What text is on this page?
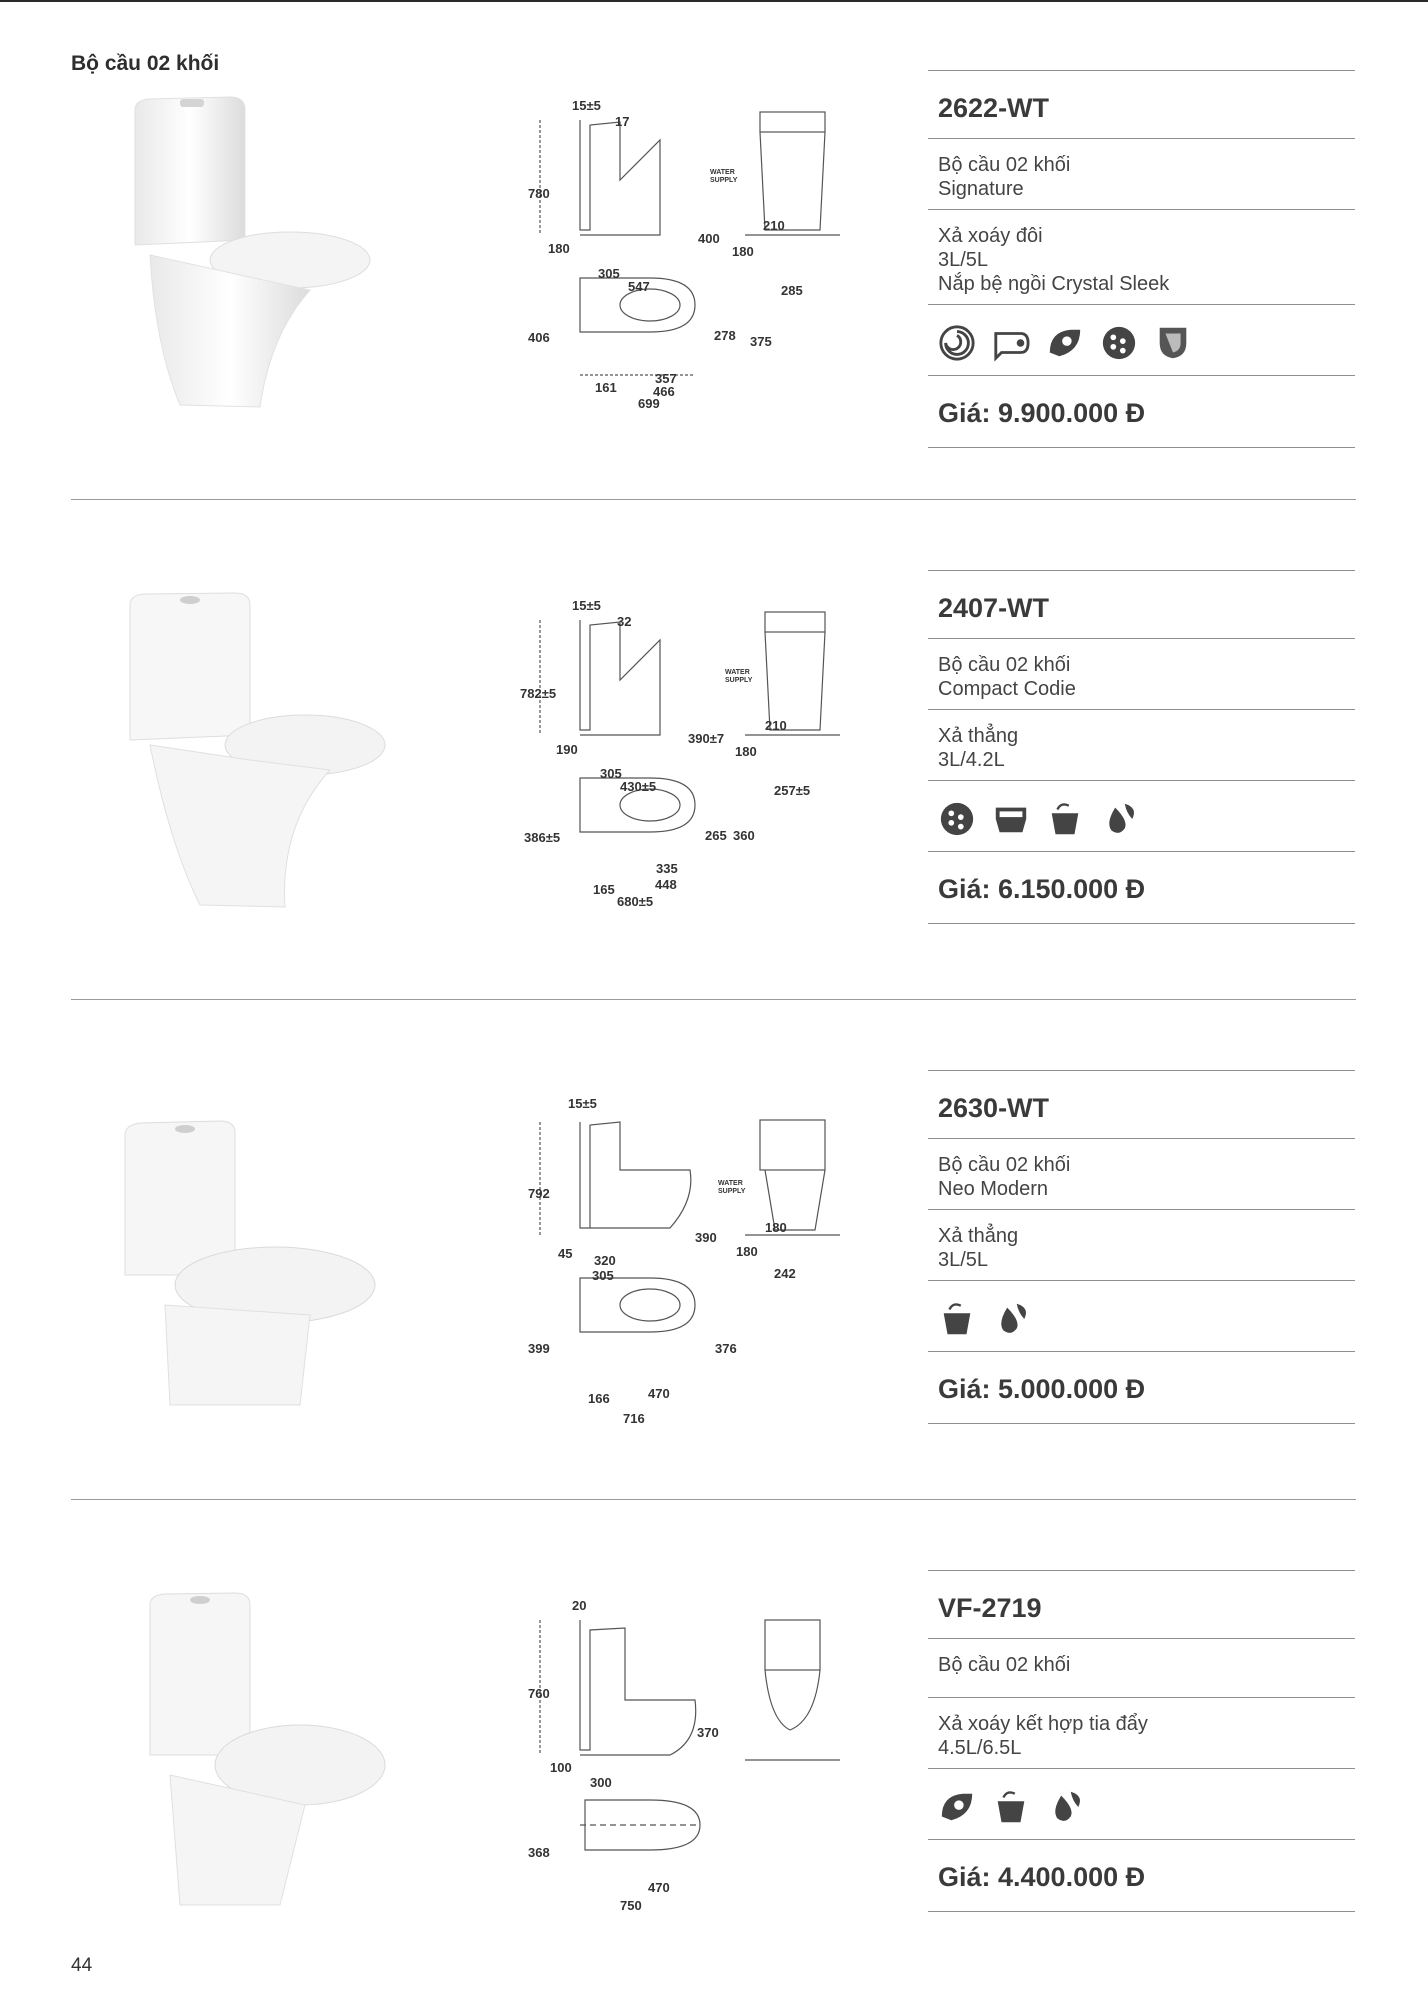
Bộ cầu 02 khối
15±5
17
780
180
305
547
400
WATER
SUPPLY
210
180
285
406	278 375
161
357
466
699
2622-WT
Bộ cầu 02 khối
Signature
Xả xoáy đôi
3L/5L
Nắp bệ ngồi Crystal Sleek
Giá: 9.900.000 Đ
15±5
32
782±5
190
305
430±5
390±7
WATER
SUPPLY
210
180
257±5
386±5	265 360
165
335
448
680±5
2407-WT
Bộ cầu 02 khối
Compact Codie
Xả thẳng
3L/4.2L
Giá: 6.150.000 Đ
15±5
792
45
305
320
390
WATER
SUPPLY
180
180
242
399	376
166	470
716
2630-WT
Bộ cầu 02 khối
Neo Modern
Xả thẳng
3L/5L
Giá: 5.000.000 Đ
20
760
100
300
370
368
470
750
VF-2719
Bộ cầu 02 khối
Xả xoáy kết hợp tia đẩy
4.5L/6.5L
Giá: 4.400.000 Đ
44
